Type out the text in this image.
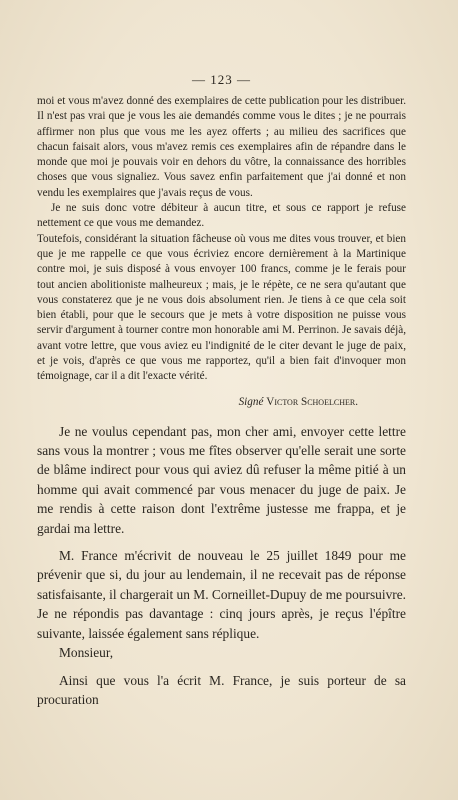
— 123 —

moi et vous m'avez donné des exemplaires de cette publication pour les distribuer. Il n'est pas vrai que je vous les aie demandés comme vous le dites ; je ne pourrais affirmer non plus que vous me les ayez offerts ; au milieu des sacrifices que chacun faisait alors, vous m'avez remis ces exemplaires afin de répandre dans le monde que moi je pouvais voir en dehors du vôtre, la connaissance des horribles choses que vous signaliez. Vous savez enfin parfaitement que j'ai donné et non vendu les exemplaires que j'avais reçus de vous.

Je ne suis donc votre débiteur à aucun titre, et sous ce rapport je refuse nettement ce que vous me demandez.

Toutefois, considérant la situation fâcheuse où vous me dites vous trouver, et bien que je me rappelle ce que vous écriviez encore dernièrement à la Martinique contre moi, je suis disposé à vous envoyer 100 francs, comme je le ferais pour tout ancien abolitioniste malheureux ; mais, je le répète, ce ne sera qu'autant que vous constaterez que je ne vous dois absolument rien. Je tiens à ce que cela soit bien établi, pour que le secours que je mets à votre disposition ne puisse vous servir d'argument à tourner contre mon honorable ami M. Perrinon. Je savais déjà, avant votre lettre, que vous aviez eu l'indignité de le citer devant le juge de paix, et je vois, d'après ce que vous me rapportez, qu'il a bien fait d'invoquer mon témoignage, car il a dit l'exacte vérité.

Signé Victor Schoelcher.

Je ne voulus cependant pas, mon cher ami, envoyer cette lettre sans vous la montrer ; vous me fîtes observer qu'elle serait une sorte de blâme indirect pour vous qui aviez dû refuser la même pitié à un homme qui avait commencé par vous menacer du juge de paix. Je me rendis à cette raison dont l'extrême justesse me frappa, et je gardai ma lettre.

M. France m'écrivit de nouveau le 25 juillet 1849 pour me prévenir que si, du jour au lendemain, il ne recevait pas de réponse satisfaisante, il chargerait un M. Corneillet-Dupuy de me poursuivre. Je ne répondis pas davantage : cinq jours après, je reçus l'épître suivante, laissée également sans réplique.

Monsieur,

Ainsi que vous l'a écrit M. France, je suis porteur de sa procuration
